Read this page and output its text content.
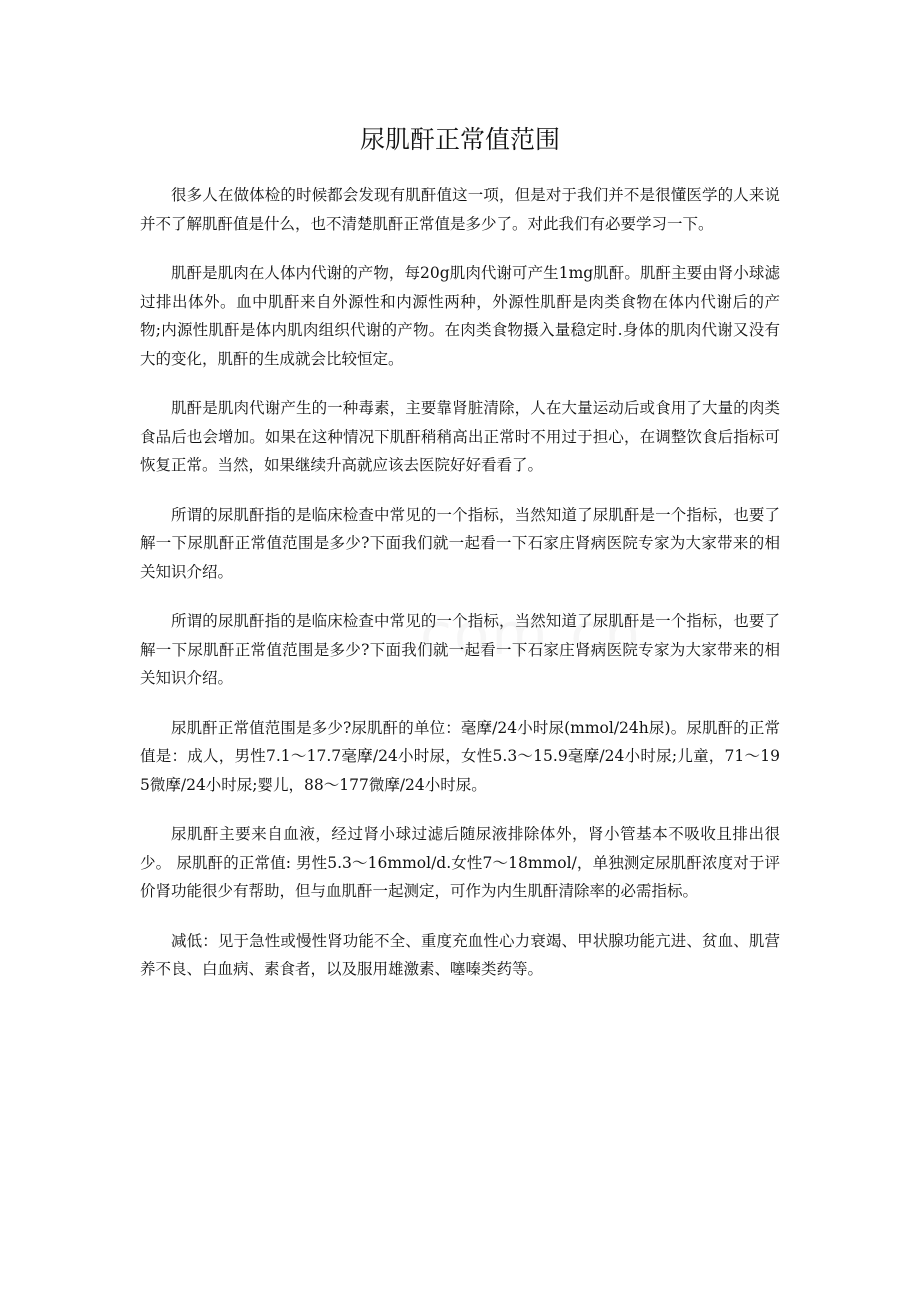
尿肌酐正常值范围

很多人在做体检的时候都会发现有肌酐值这一项，但是对于我们并不是很懂医学的人来说并不了解肌酐值是什么，也不清楚肌酐正常值是多少了。对此我们有必要学习一下。

肌酐是肌肉在人体内代谢的产物，每20g肌肉代谢可产生1mg肌酐。肌酐主要由肾小球滤过排出体外。血中肌酐来自外源性和内源性两种，外源性肌酐是肉类食物在体内代谢后的产物;内源性肌酐是体内肌肉组织代谢的产物。在肉类食物摄入量稳定时.身体的肌肉代谢又没有大的变化，肌酐的生成就会比较恒定。

肌酐是肌肉代谢产生的一种毒素，主要靠肾脏清除，人在大量运动后或食用了大量的肉类食品后也会增加。如果在这种情况下肌酐稍稍高出正常时不用过于担心，在调整饮食后指标可恢复正常。当然，如果继续升高就应该去医院好好看看了。

所谓的尿肌酐指的是临床检查中常见的一个指标，当然知道了尿肌酐是一个指标，也要了解一下尿肌酐正常值范围是多少?下面我们就一起看一下石家庄肾病医院专家为大家带来的相关知识介绍。

所谓的尿肌酐指的是临床检查中常见的一个指标，当然知道了尿肌酐是一个指标，也要了解一下尿肌酐正常值范围是多少?下面我们就一起看一下石家庄肾病医院专家为大家带来的相关知识介绍。

尿肌酐正常值范围是多少?尿肌酐的单位：毫摩/24小时尿(mmol/24h尿)。尿肌酐的正常值是：成人，男性7.1～17.7毫摩/24小时尿，女性5.3～15.9毫摩/24小时尿;儿童，71～195微摩/24小时尿;婴儿，88～177微摩/24小时尿。

尿肌酐主要来自血液，经过肾小球过滤后随尿液排除体外，肾小管基本不吸收且排出很少。 尿肌酐的正常值: 男性5.3～16mmol/d.女性7～18mmol/，单独测定尿肌酐浓度对于评价肾功能很少有帮助，但与血肌酐一起测定，可作为内生肌酐清除率的必需指标。

减低：见于急性或慢性肾功能不全、重度充血性心力衰竭、甲状腺功能亢进、贫血、肌营养不良、白血病、素食者，以及服用雄激素、噻嗪类药等。
